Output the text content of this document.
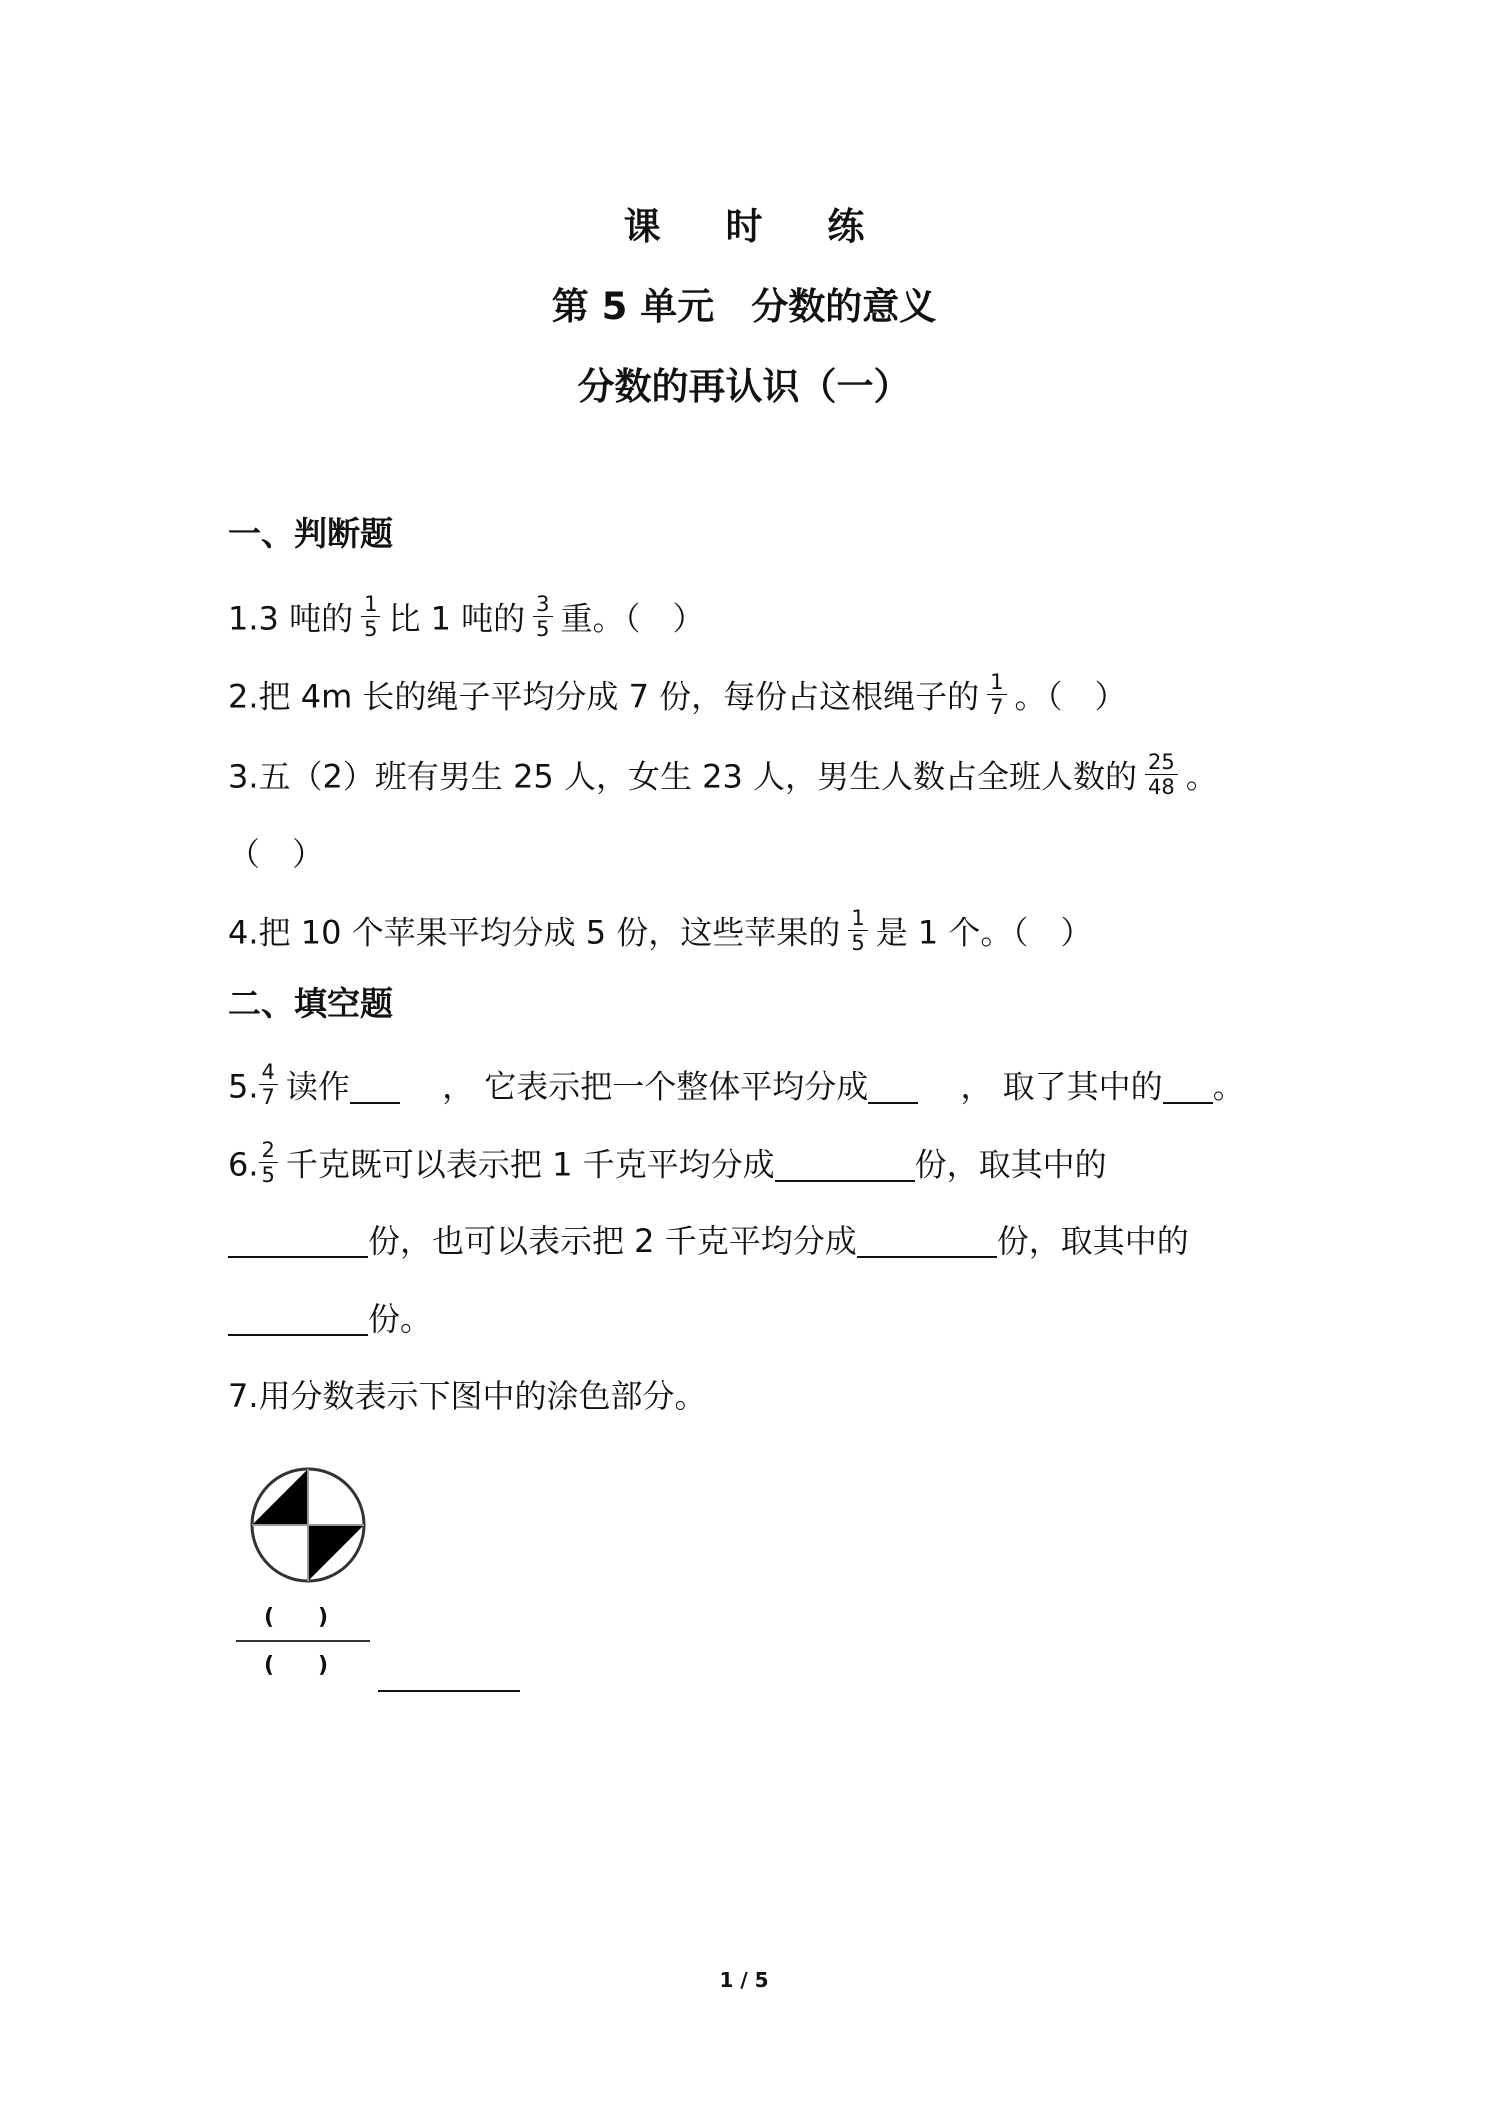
课 时 练
第 5 单元　分数的意义
分数的再认识（一）
一、判断题
1.3 吨的 $\frac{1}{5}$ 比 1 吨的 $\frac{3}{5}$ 重。（　）
2.把 4m 长的绳子平均分成 7 份，每份占这根绳子的 $\frac{1}{7}$ 。（　）
3.五（2）班有男生 25 人，女生 23 人，男生人数占全班人数的 $\frac{25}{48}$ 。
（　）
4.把 10 个苹果平均分成 5 份，这些苹果的 $\frac{1}{5}$ 是 1 个。（　）
二、填空题
5. $\frac{4}{7}$ 读作　	， 它表示把一个整体平均分成　	， 取了其中的 。
6. $\frac{2}{5}$ 千克既可以表示把 1 千克平均分成	份，取其中的
份，也可以表示把 2 千克平均分成	份，取其中的
份。
7.用分数表示下图中的涂色部分。
(　　)
(　　)
1 / 5
